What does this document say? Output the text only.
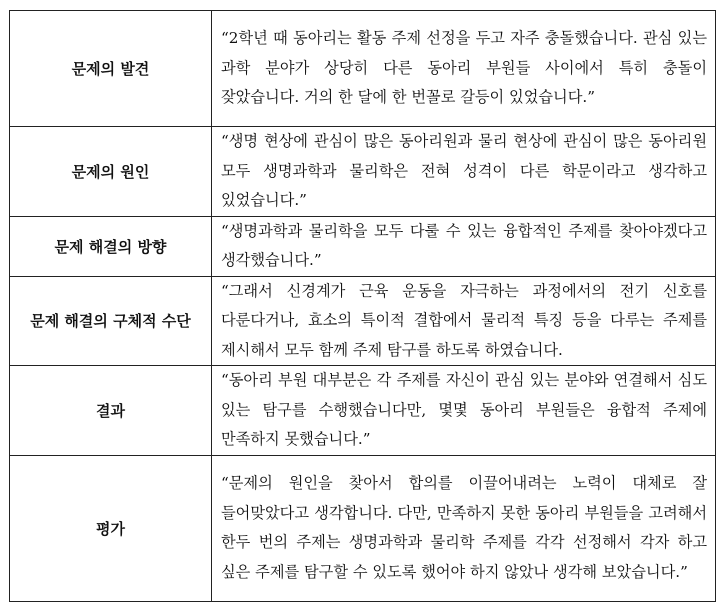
문제의 발견	“2학년 때 동아리는 활동 주제 선정을 두고 자주 충돌했습니다. 관심 있는 과학 분야가 상당히 다른 동아리 부원들 사이에서 특히 충돌이 잦았습니다. 거의 한 달에 한 번꼴로 갈등이 있었습니다.”
문제의 원인	“생명 현상에 관심이 많은 동아리원과 물리 현상에 관심이 많은 동아리원 모두 생명과학과 물리학은 전혀 성격이 다른 학문이라고 생각하고 있었습니다.”
문제 해결의 방향	“생명과학과 물리학을 모두 다룰 수 있는 융합적인 주제를 찾아야겠다고 생각했습니다.”
문제 해결의 구체적 수단	“그래서 신경계가 근육 운동을 자극하는 과정에서의 전기 신호를 다룬다거나, 효소의 특이적 결합에서 물리적 특징 등을 다루는 주제를 제시해서 모두 함께 주제 탐구를 하도록 하였습니다.
결과	“동아리 부원 대부분은 각 주제를 자신이 관심 있는 분야와 연결해서 심도 있는 탐구를 수행했습니다만, 몇몇 동아리 부원들은 융합적 주제에 만족하지 못했습니다.”
평가	“문제의 원인을 찾아서 합의를 이끌어내려는 노력이 대체로 잘 들어맞았다고 생각합니다. 다만, 만족하지 못한 동아리 부원들을 고려해서 한두 번의 주제는 생명과학과 물리학 주제를 각각 선정해서 각자 하고 싶은 주제를 탐구할 수 있도록 했어야 하지 않았나 생각해 보았습니다.”
